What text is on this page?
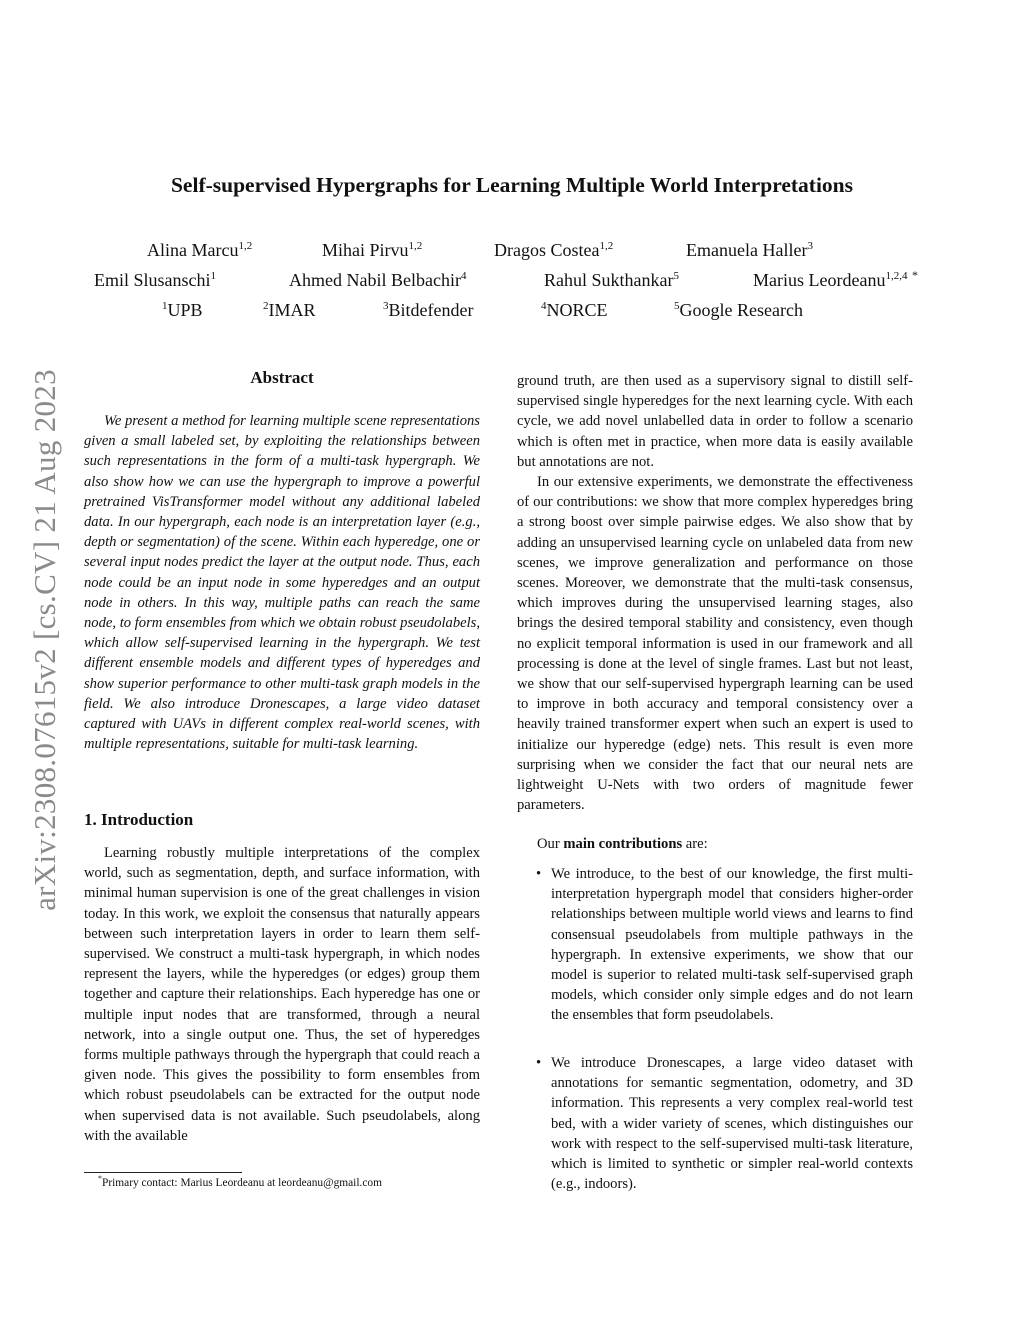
arXiv:2308.07615v2 [cs.CV] 21 Aug 2023
Self-supervised Hypergraphs for Learning Multiple World Interpretations
Alina Marcu$^{1,2}$	Mihai Pirvu$^{1,2}$	Dragos Costea$^{1,2}$	Emanuela Haller$^3$
Emil Slusanschi$^1$	Ahmed Nabil Belbachir$^4$	Rahul Sukthankar$^5$	Marius Leordeanu$^{1,2,4}$ *
$^1$UPB	$^2$IMAR	$^3$Bitdefender	$^4$NORCE	$^5$Google Research
Abstract
We present a method for learning multiple scene representations given a small labeled set, by exploiting the relationships between such representations in the form of a multi-task hypergraph. We also show how we can use the hypergraph to improve a powerful pretrained VisTransformer model without any additional labeled data. In our hypergraph, each node is an interpretation layer (e.g., depth or segmentation) of the scene. Within each hyperedge, one or several input nodes predict the layer at the output node. Thus, each node could be an input node in some hyperedges and an output node in others. In this way, multiple paths can reach the same node, to form ensembles from which we obtain robust pseudolabels, which allow self-supervised learning in the hypergraph. We test different ensemble models and different types of hyperedges and show superior performance to other multi-task graph models in the field. We also introduce Dronescapes, a large video dataset captured with UAVs in different complex real-world scenes, with multiple representations, suitable for multi-task learning.
1. Introduction
Learning robustly multiple interpretations of the complex world, such as segmentation, depth, and surface information, with minimal human supervision is one of the great challenges in vision today. In this work, we exploit the consensus that naturally appears between such interpretation layers in order to learn them self-supervised. We construct a multi-task hypergraph, in which nodes represent the layers, while the hyperedges (or edges) group them together and capture their relationships. Each hyperedge has one or multiple input nodes that are transformed, through a neural network, into a single output one. Thus, the set of hyperedges forms multiple pathways through the hypergraph that could reach a given node. This gives the possibility to form ensembles from which robust pseudolabels can be extracted for the output node when supervised data is not available. Such pseudolabels, along with the available
*Primary contact: Marius Leordeanu at leordeanu@gmail.com

ground truth, are then used as a supervisory signal to distill self-supervised single hyperedges for the next learning cycle. With each cycle, we add novel unlabelled data in order to follow a scenario which is often met in practice, when more data is easily available but annotations are not.

In our extensive experiments, we demonstrate the effectiveness of our contributions: we show that more complex hyperedges bring a strong boost over simple pairwise edges. We also show that by adding an unsupervised learning cycle on unlabeled data from new scenes, we improve generalization and performance on those scenes. Moreover, we demonstrate that the multi-task consensus, which improves during the unsupervised learning stages, also brings the desired temporal stability and consistency, even though no explicit temporal information is used in our framework and all processing is done at the level of single frames. Last but not least, we show that our self-supervised hypergraph learning can be used to improve in both accuracy and temporal consistency over a heavily trained transformer expert when such an expert is used to initialize our hyperedge (edge) nets. This result is even more surprising when we consider the fact that our neural nets are lightweight U-Nets with two orders of magnitude fewer parameters.

Our main contributions are:

• We introduce, to the best of our knowledge, the first multi-interpretation hypergraph model that considers higher-order relationships between multiple world views and learns to find consensual pseudolabels from multiple pathways in the hypergraph. In extensive experiments, we show that our model is superior to related multi-task self-supervised graph models, which consider only simple edges and do not learn the ensembles that form pseudolabels.
• We introduce Dronescapes, a large video dataset with annotations for semantic segmentation, odometry, and 3D information. This represents a very complex real-world test bed, with a wider variety of scenes, which distinguishes our work with respect to the self-supervised multi-task literature, which is limited to synthetic or simpler real-world contexts (e.g., indoors).
